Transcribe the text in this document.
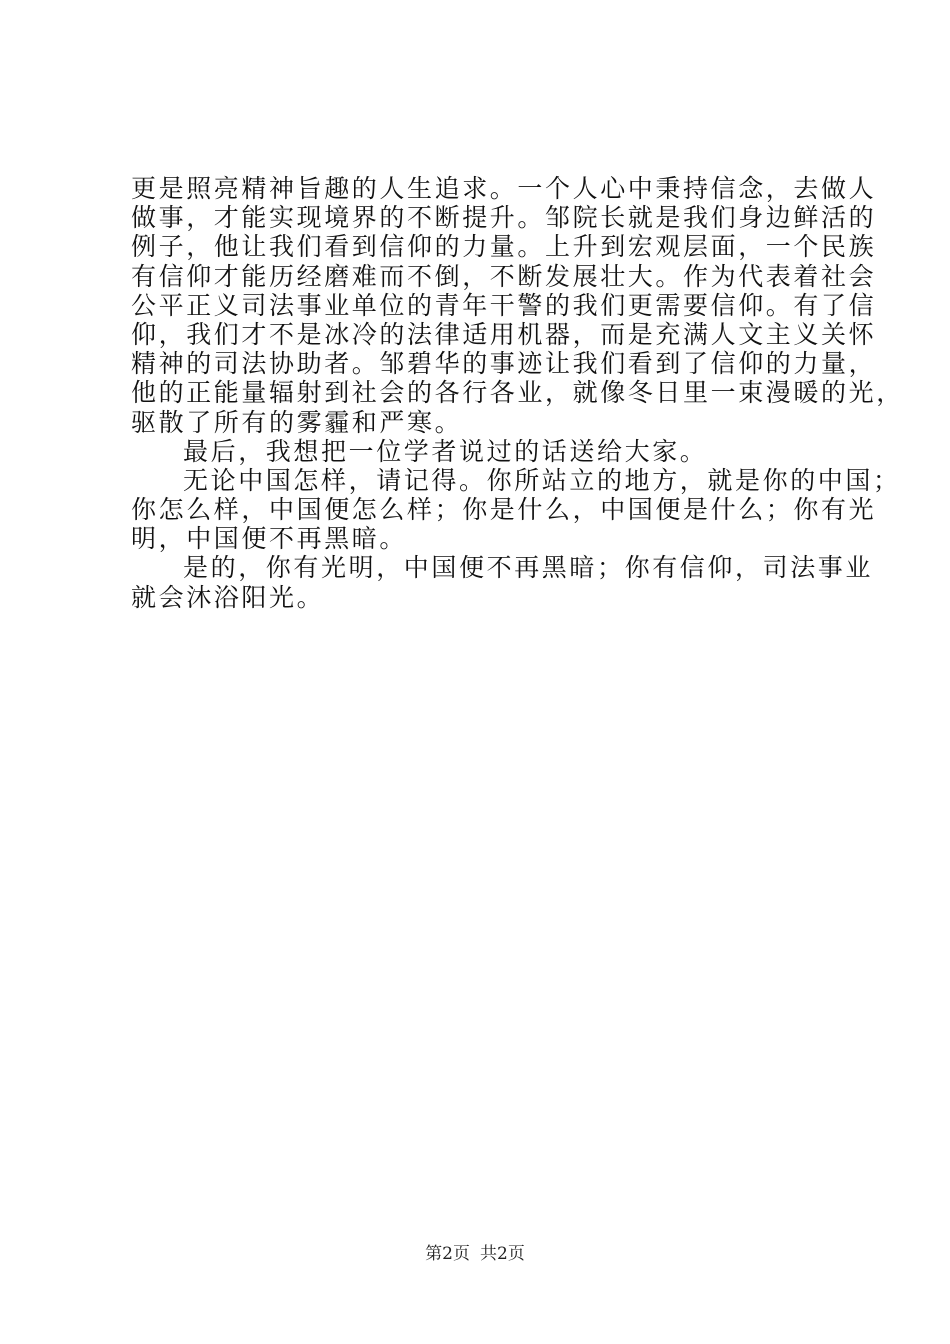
更是照亮精神旨趣的人生追求。一个人心中秉持信念，去做人
做事，才能实现境界的不断提升。邹院长就是我们身边鲜活的
例子，他让我们看到信仰的力量。上升到宏观层面，一个民族
有信仰才能历经磨难而不倒，不断发展壮大。作为代表着社会
公平正义司法事业单位的青年干警的我们更需要信仰。有了信
仰，我们才不是冰冷的法律适用机器，而是充满人文主义关怀
精神的司法协助者。邹碧华的事迹让我们看到了信仰的力量，
他的正能量辐射到社会的各行各业，就像冬日里一束漫暖的光，
驱散了所有的雾霾和严寒。
最后，我想把一位学者说过的话送给大家。
无论中国怎样，请记得。你所站立的地方，就是你的中国；
你怎么样，中国便怎么样；你是什么，中国便是什么；你有光
明，中国便不再黑暗。
是的，你有光明，中国便不再黑暗；你有信仰，司法事业
就会沐浴阳光。
第2页 共2页
